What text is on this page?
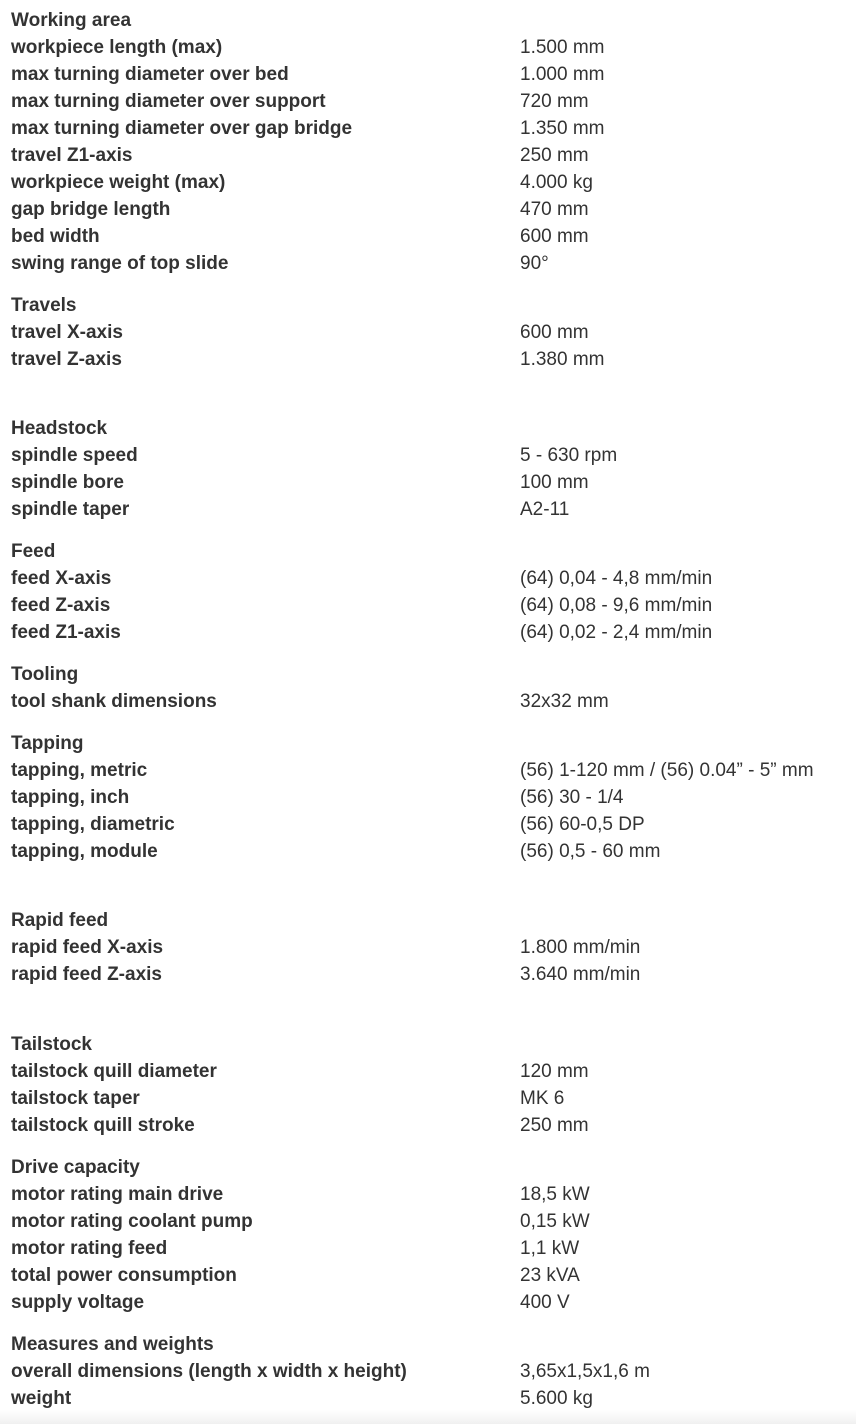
Working area
workpiece length (max)	1.500 mm
max turning diameter over bed	1.000 mm
max turning diameter over support	720 mm
max turning diameter over gap bridge	1.350 mm
travel Z1-axis	250 mm
workpiece weight (max)	4.000 kg
gap bridge length	470 mm
bed width	600 mm
swing range of top slide	90°
Travels
travel X-axis	600 mm
travel Z-axis	1.380 mm
Headstock
spindle speed	5 - 630 rpm
spindle bore	100 mm
spindle taper	A2-11
Feed
feed X-axis	(64) 0,04 - 4,8 mm/min
feed Z-axis	(64) 0,08 - 9,6 mm/min
feed Z1-axis	(64) 0,02 - 2,4 mm/min
Tooling
tool shank dimensions	32x32 mm
Tapping
tapping, metric	(56) 1-120 mm / (56) 0.04” - 5” mm
tapping, inch	(56) 30 - 1/4
tapping, diametric	(56) 60-0,5 DP
tapping, module	(56) 0,5 - 60 mm
Rapid feed
rapid feed X-axis	1.800 mm/min
rapid feed Z-axis	3.640 mm/min
Tailstock
tailstock quill diameter	120 mm
tailstock taper	MK 6
tailstock quill stroke	250 mm
Drive capacity
motor rating main drive	18,5 kW
motor rating coolant pump	0,15 kW
motor rating feed	1,1 kW
total power consumption	23 kVA
supply voltage	400 V
Measures and weights
overall dimensions (length x width x height)	3,65x1,5x1,6 m
weight	5.600 kg
